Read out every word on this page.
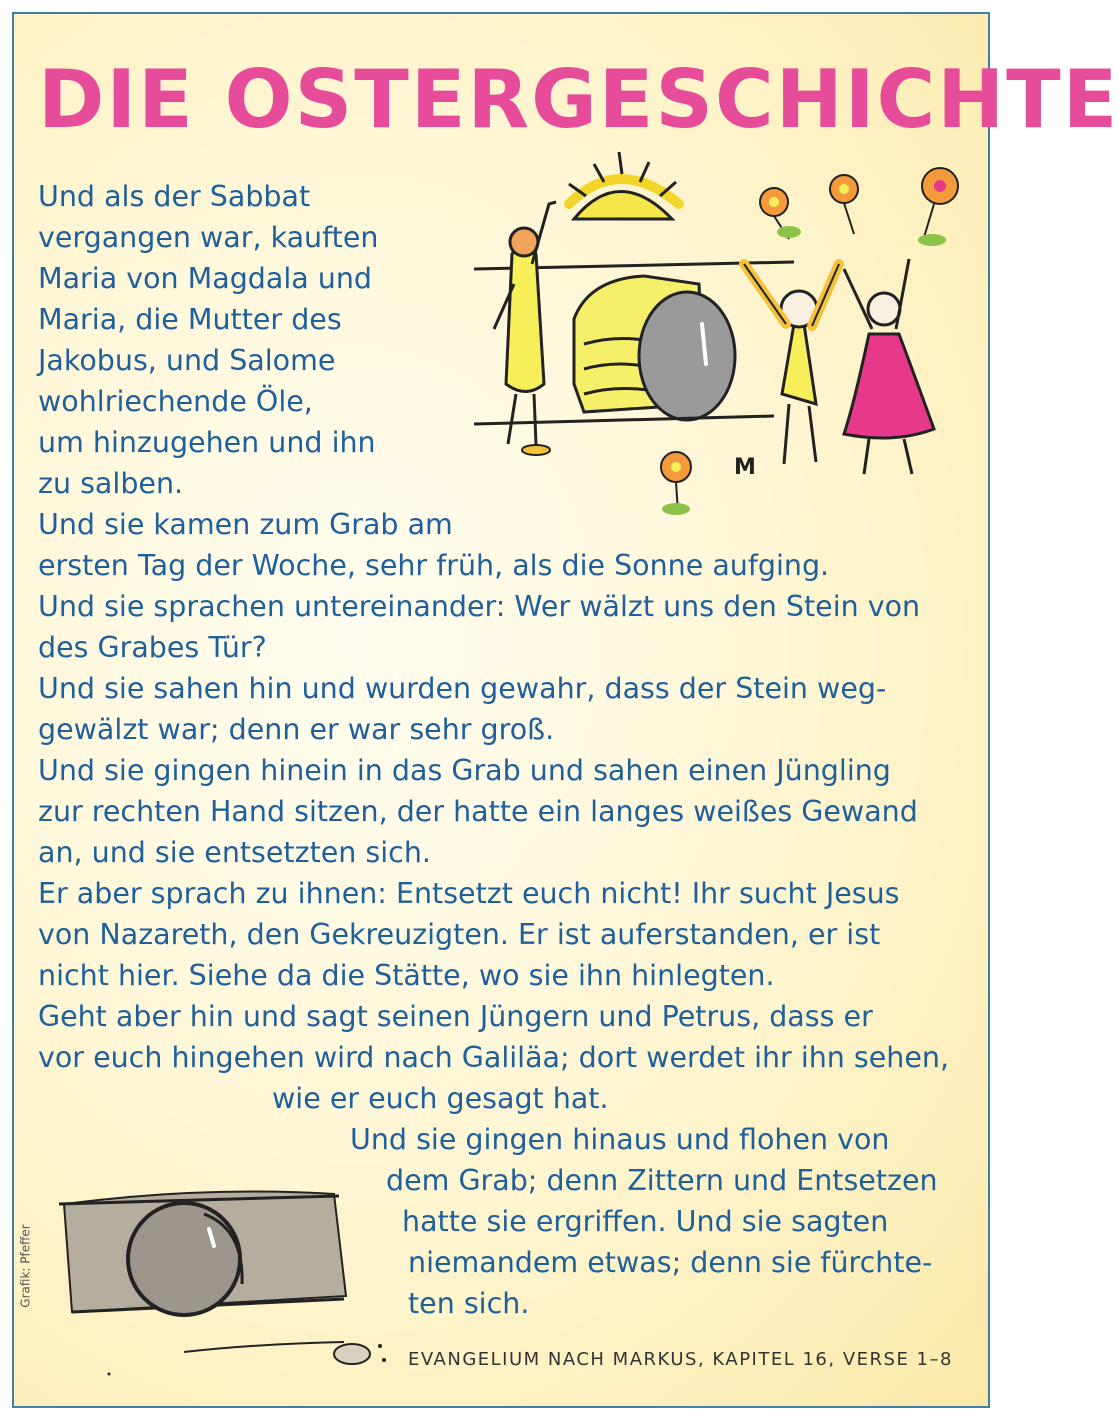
DIE OSTERGESCHICHTE
M
Grafik: Pfeffer
Und als der Sabbat
vergangen war, kauften
Maria von Magdala und
Maria, die Mutter des
Jakobus, und Salome
wohlriechende Öle,
um hinzugehen und ihn
zu salben.
Und sie kamen zum Grab am
ersten Tag der Woche, sehr früh, als die Sonne aufging.
Und sie sprachen untereinander: Wer wälzt uns den Stein von
des Grabes Tür?
Und sie sahen hin und wurden gewahr, dass der Stein weg-
gewälzt war; denn er war sehr groß.
Und sie gingen hinein in das Grab und sahen einen Jüngling
zur rechten Hand sitzen, der hatte ein langes weißes Gewand
an, und sie entsetzten sich.
Er aber sprach zu ihnen: Entsetzt euch nicht! Ihr sucht Jesus
von Nazareth, den Gekreuzigten. Er ist auferstanden, er ist
nicht hier. Siehe da die Stätte, wo sie ihn hinlegten.
Geht aber hin und sagt seinen Jüngern und Petrus, dass er
vor euch hingehen wird nach Galiläa; dort werdet ihr ihn sehen,
wie er euch gesagt hat.
Und sie gingen hinaus und flohen von
dem Grab; denn Zittern und Entsetzen
hatte sie ergriffen. Und sie sagten
niemandem etwas; denn sie fürchte-
ten sich.
EVANGELIUM NACH MARKUS, KAPITEL 16, VERSE 1–8
